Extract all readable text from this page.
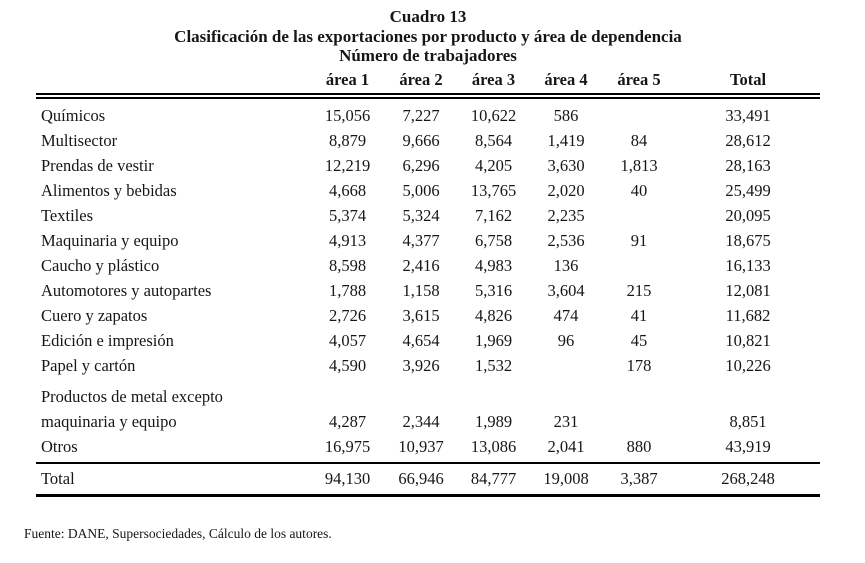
Cuadro 13
Clasificación de las exportaciones por producto y área de dependencia
Número de trabajadores
	área 1	área 2	área 3	área 4	área 5	Total
Químicos	15,056	7,227	10,622	586		33,491
Multisector	8,879	9,666	8,564	1,419	84	28,612
Prendas de vestir	12,219	6,296	4,205	3,630	1,813	28,163
Alimentos y bebidas	4,668	5,006	13,765	2,020	40	25,499
Textiles	5,374	5,324	7,162	2,235		20,095
Maquinaria y equipo	4,913	4,377	6,758	2,536	91	18,675
Caucho y plástico	8,598	2,416	4,983	136		16,133
Automotores y autopartes	1,788	1,158	5,316	3,604	215	12,081
Cuero y zapatos	2,726	3,615	4,826	474	41	11,682
Edición e impresión	4,057	4,654	1,969	96	45	10,821
Papel y cartón	4,590	3,926	1,532		178	10,226

Productos de metal excepto
maquinaria y equipo	4,287	2,344	1,989	231		8,851
Otros	16,975	10,937	13,086	2,041	880	43,919
Total	94,130	66,946	84,777	19,008	3,387	268,248
Fuente: DANE, Supersociedades, Cálculo de los autores.
